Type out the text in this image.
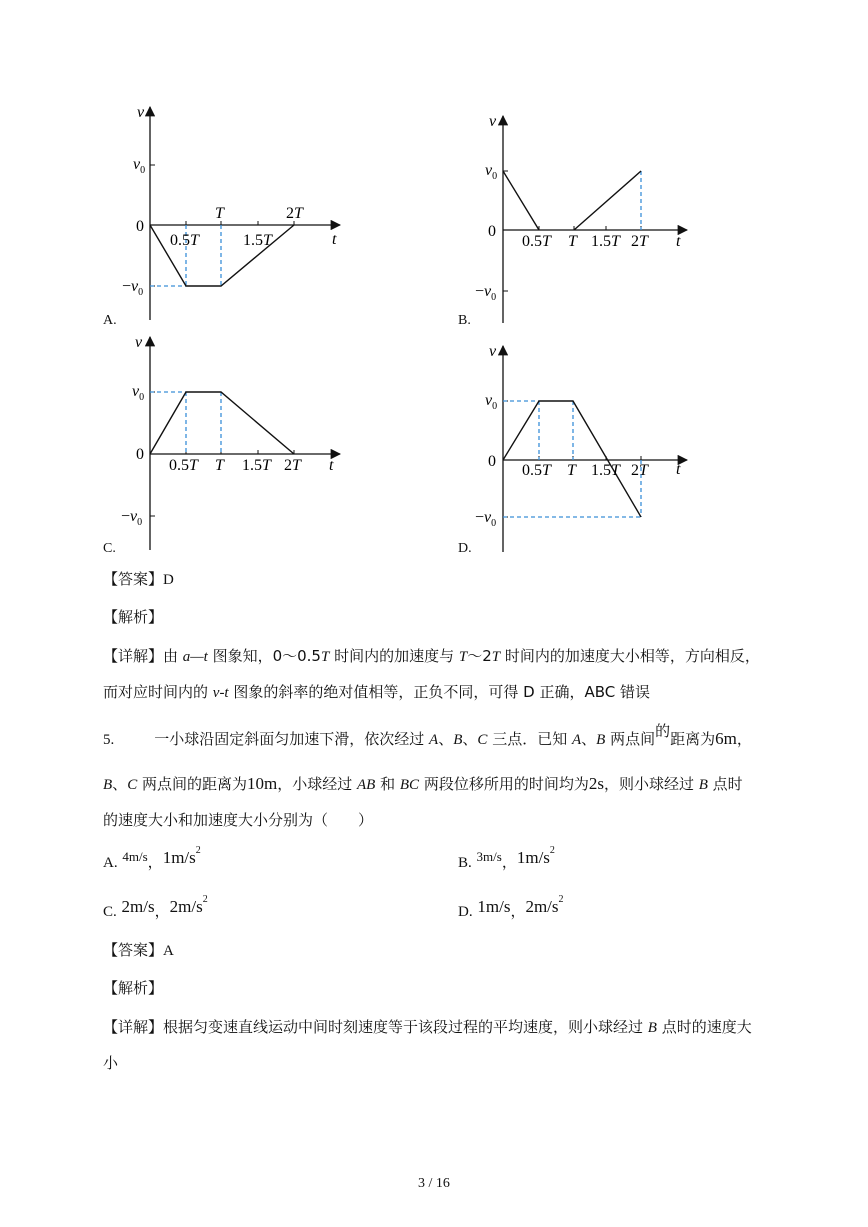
v
t
0
$v_0$
$-v_0$
0.5T
T
1.5T
2T
A.
v
t
0
$v_0$
$-v_0$
0.5T T 1.5T 2T
B.
v
t
0
$v_0$
$-v_0$
0.5T T 1.5T 2T
C.
v
t
0
$v_0$
$-v_0$
0.5T T 1.5T 2T
D.
【答案】D
【解析】
【详解】由 a—t 图象知，0～0.5T 时间内的加速度与 T～2T 时间内的加速度大小相等，方向相反，
而对应时间内的 v-t 图象的斜率的绝对值相等，正负不同，可得 D 正确，ABC 错误
5.	一小球沿固定斜面匀加速下滑，依次经过 A、B、C 三点．已知 A、B 两点间的距离为6m，
B、C 两点间的距离为10m，小球经过 AB 和 BC 两段位移所用的时间均为2s，则小球经过 B 点时
的速度大小和加速度大小分别为（　　）
A. 4m/s，$1m/s^2$
B. 3m/s，$1m/s^2$
C. 2m/s，$2m/s^2$
D. 1m/s，$2m/s^2$
【答案】A
【解析】
【详解】根据匀变速直线运动中间时刻速度等于该段过程的平均速度，则小球经过 B 点时的速度大
小
3 / 16
